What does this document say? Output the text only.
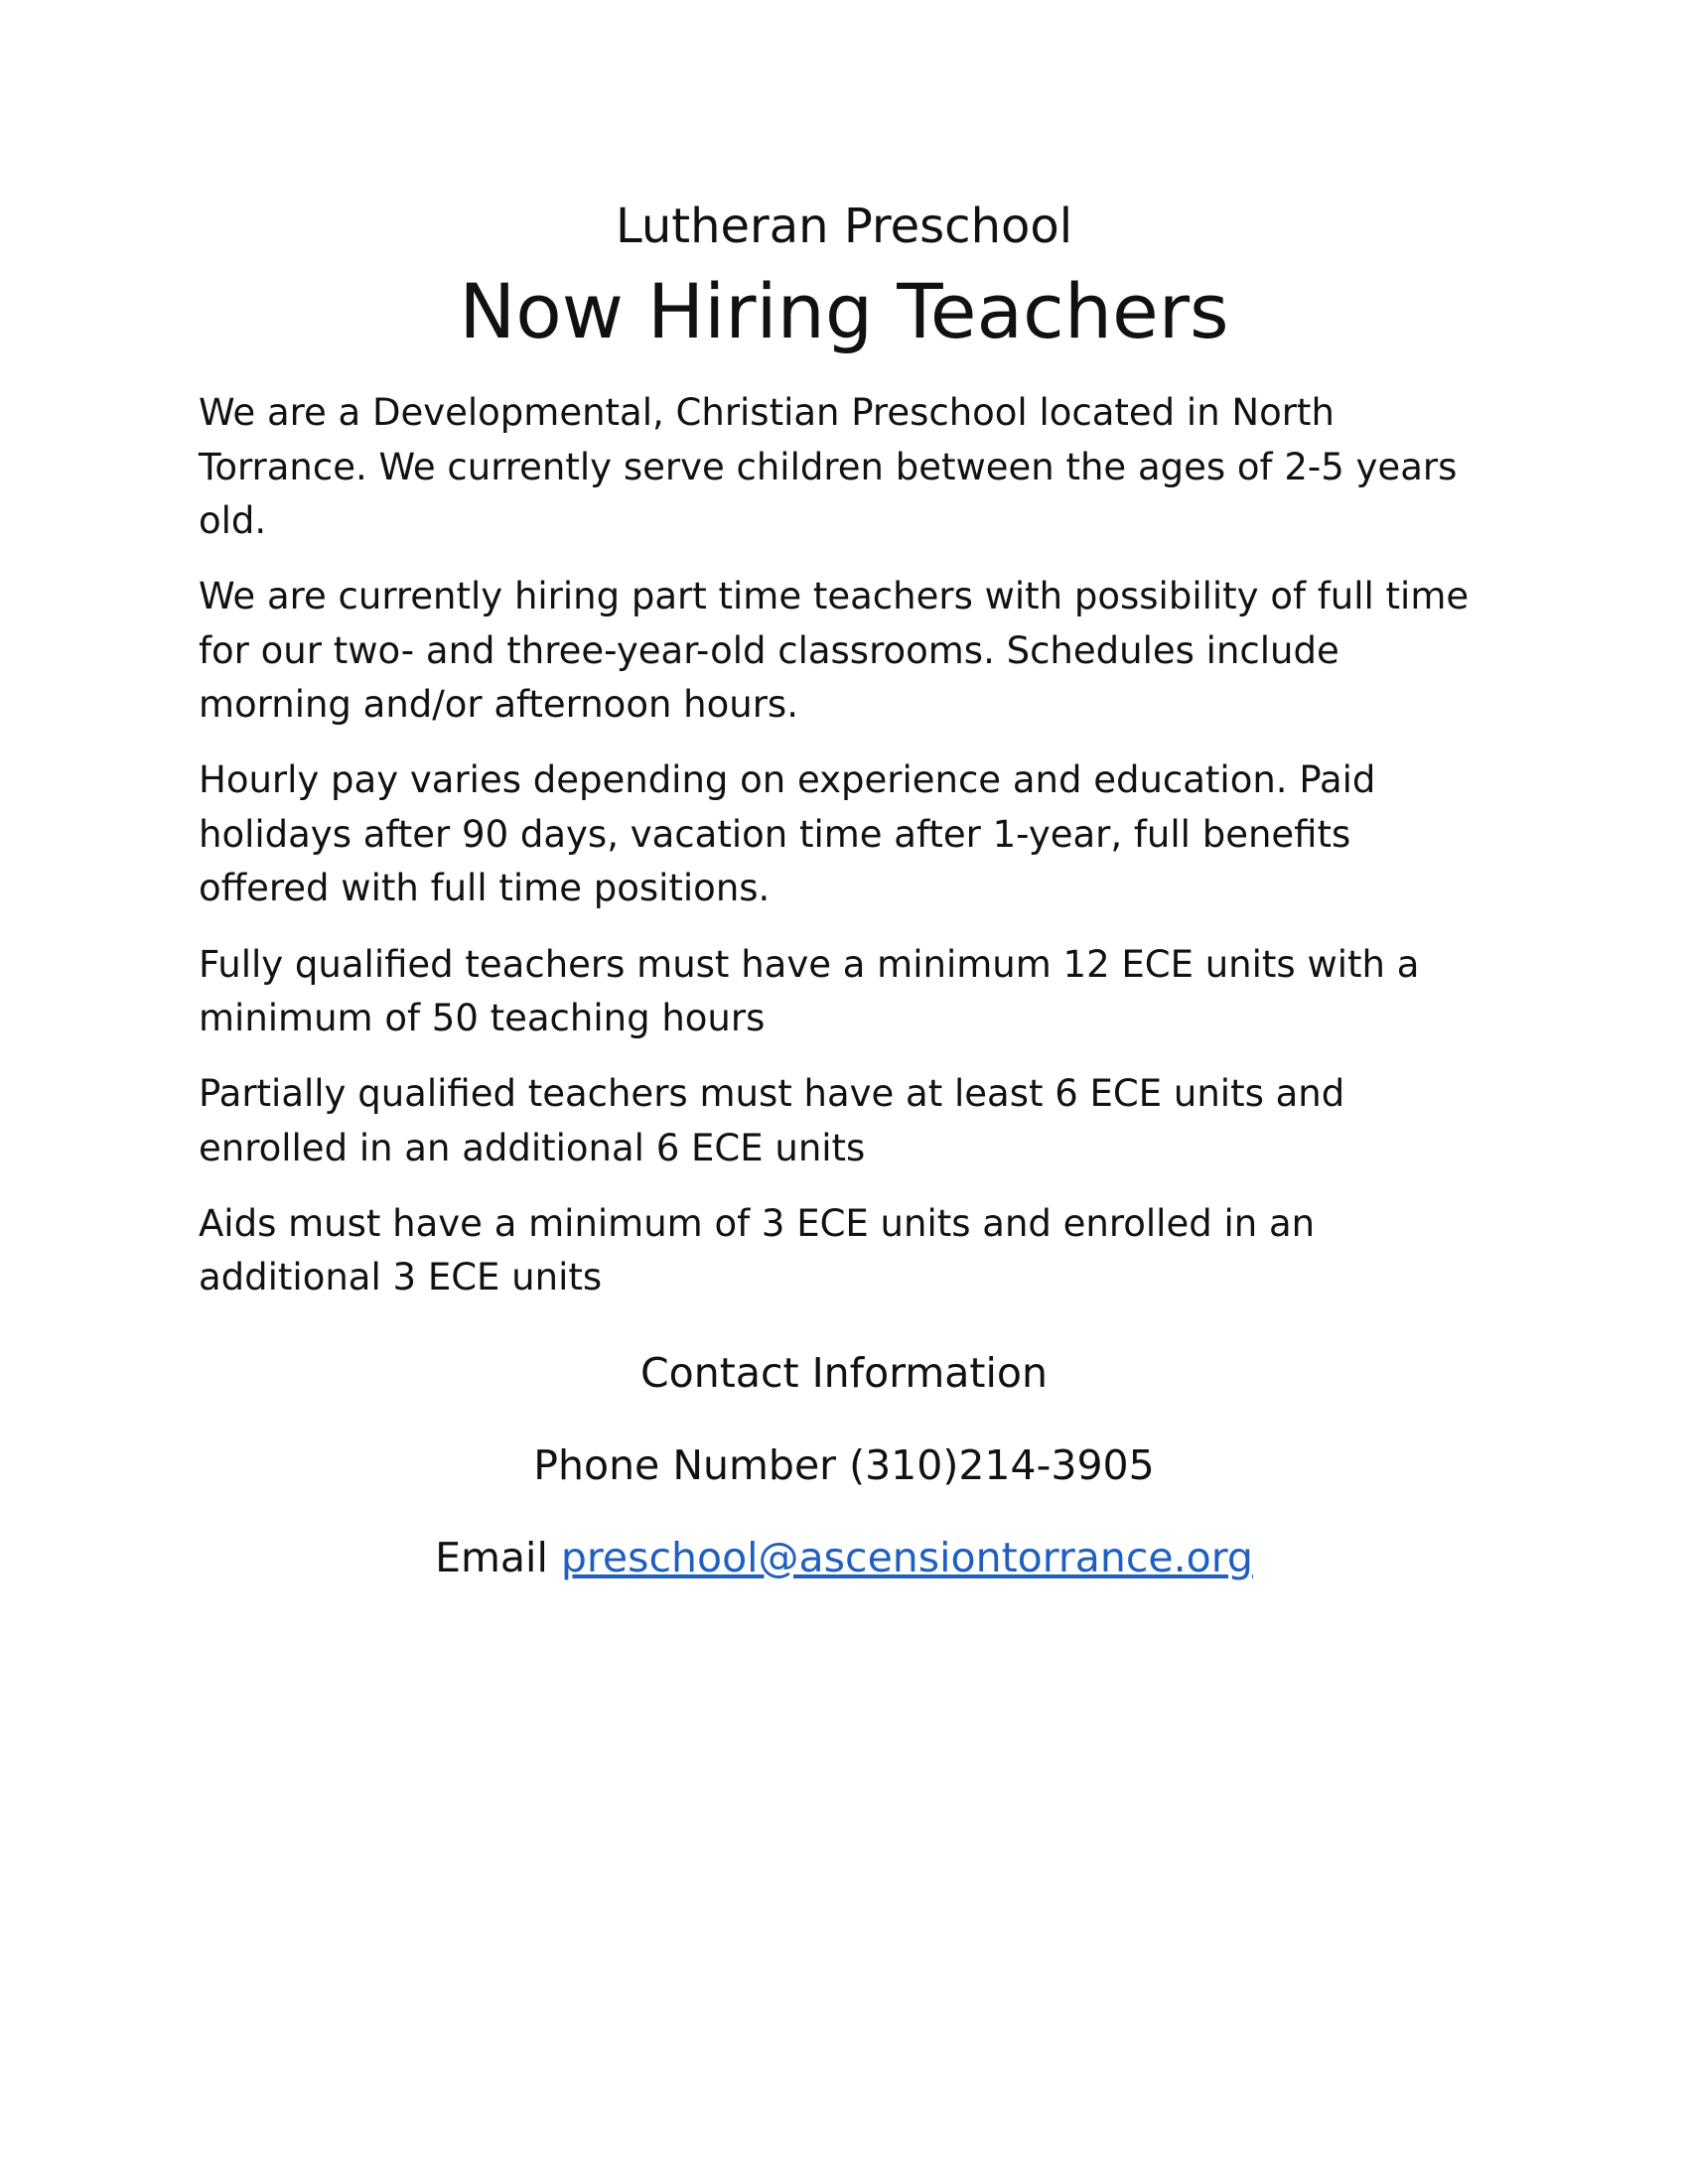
Lutheran Preschool
Now Hiring Teachers

We are a Developmental, Christian Preschool located in North Torrance. We currently serve children between the ages of 2-5 years old.

We are currently hiring part time teachers with possibility of full time for our two- and three-year-old classrooms. Schedules include morning and/or afternoon hours.

Hourly pay varies depending on experience and education. Paid holidays after 90 days, vacation time after 1-year, full benefits offered with full time positions.

Fully qualified teachers must have a minimum 12 ECE units with a minimum of 50 teaching hours

Partially qualified teachers must have at least 6 ECE units and enrolled in an additional 6 ECE units

Aids must have a minimum of 3 ECE units and enrolled in an additional 3 ECE units

Contact Information
Phone Number (310)214-3905
Email preschool@ascensiontorrance.org
